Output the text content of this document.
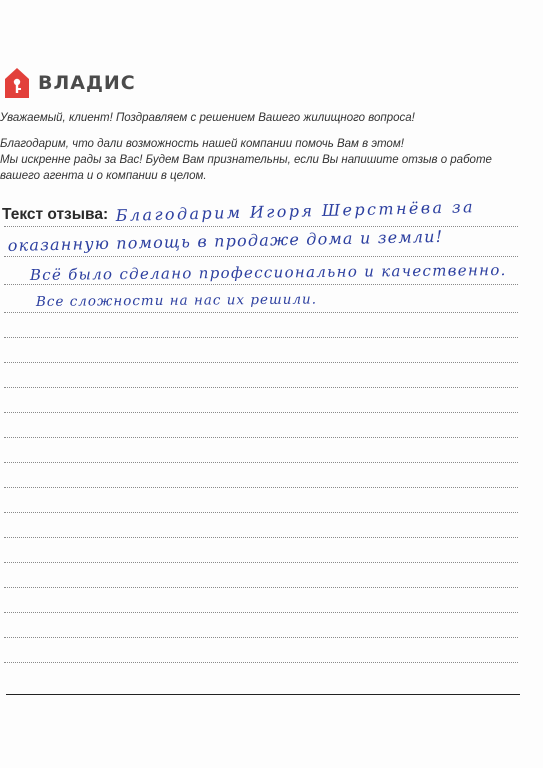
ВЛАДИС
Уважаемый, клиент! Поздравляем с решением Вашего жилищного вопроса!
Благодарим, что дали возможность нашей компании помочь Вам в этом!
Мы искренне рады за Вас! Будем Вам признательны, если Вы напишите отзыв о работе
вашего агента и о компании в целом.
Текст отзыва: Благодарим Игоря Шерстнёва за
оказанную помощь в продаже дома и земли!
Всё было сделано профессионально и качественно.
Все сложности на нас их решили.
